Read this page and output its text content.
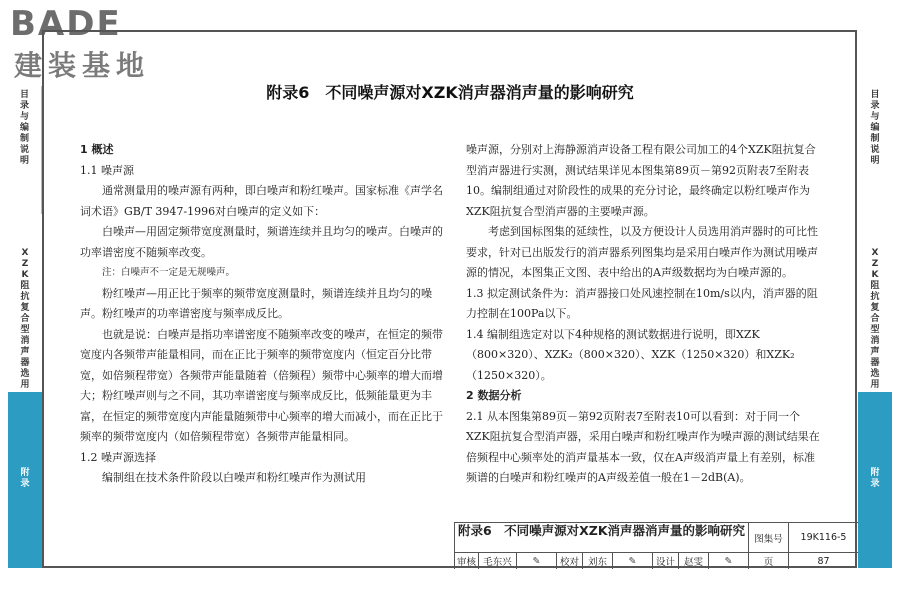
BADE
建装基地
目录与编制说明
XZK阻抗复合型消声器选用
附录
目录与编制说明
XZK阻抗复合型消声器选用
附录
附录6　不同噪声源对XZK消声器消声量的影响研究

1 概述

1.1 噪声源

通常测量用的噪声源有两种，即白噪声和粉红噪声。国家标准《声学名词术语》GB/T 3947-1996对白噪声的定义如下：

白噪声—用固定频带宽度测量时，频谱连续并且均匀的噪声。白噪声的功率谱密度不随频率改变。

注：白噪声不一定是无规噪声。

粉红噪声—用正比于频率的频带宽度测量时，频谱连续并且均匀的噪声。粉红噪声的功率谱密度与频率成反比。

也就是说：白噪声是指功率谱密度不随频率改变的噪声，在恒定的频带宽度内各频带声能量相同，而在正比于频率的频带宽度内（恒定百分比带宽，如倍频程带宽）各频带声能量随着（倍频程）频带中心频率的增大而增大；粉红噪声则与之不同，其功率谱密度与频率成反比，低频能量更为丰富，在恒定的频带宽度内声能量随频带中心频率的增大而减小，而在正比于频率的频带宽度内（如倍频程带宽）各频带声能量相同。

1.2 噪声源选择

编制组在技术条件阶段以白噪声和粉红噪声作为测试用

噪声源，分别对上海静源消声设备工程有限公司加工的4个XZK阻抗复合型消声器进行实测，测试结果详见本图集第89页－第92页附表7至附表10。编制组通过对阶段性的成果的充分讨论，最终确定以粉红噪声作为XZK阻抗复合型消声器的主要噪声源。

考虑到国标图集的延续性，以及方便设计人员选用消声器时的可比性要求，针对已出版发行的消声器系列图集均是采用白噪声作为测试用噪声源的情况，本图集正文图、表中给出的A声级数据均为白噪声源的。

1.3 拟定测试条件为：消声器接口处风速控制在10m/s以内，消声器的阻力控制在100Pa以下。

1.4 编制组选定对以下4种规格的测试数据进行说明，即XZK（800×320）、XZK₂（800×320）、XZK（1250×320）和XZK₂（1250×320）。

2 数据分析

2.1 从本图集第89页－第92页附表7至附表10可以看到：对于同一个XZK阻抗复合型消声器，采用白噪声和粉红噪声作为噪声源的测试结果在倍频程中心频率处的消声量基本一致，仅在A声级消声量上有差别，标准频谱的白噪声和粉红噪声的A声级差值一般在1－2dB(A)。

附录6　不同噪声源对XZK消声器消声量的影响研究
图集号	19K116-5
审核 毛东兴	✎	校对 刘东	✎	设计 赵雯	✎	页	87
